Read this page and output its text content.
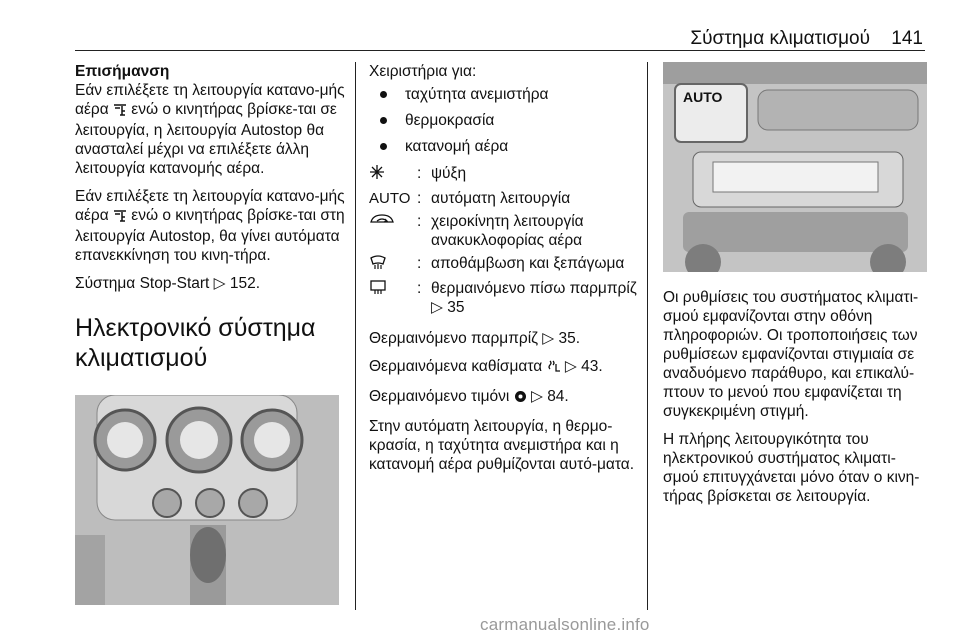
Σύστημα κλιματισμού 141
Επισήμανση

Εάν επιλέξετε τη λειτουργία κατανο-μής αέρα ενώ ο κινητήρας βρίσκε-ται σε λειτουργία, η λειτουργία Autostop θα ανασταλεί μέχρι να επιλέξετε άλλη λειτουργία κατανομής αέρα.

Εάν επιλέξετε τη λειτουργία κατανο-μής αέρα ενώ ο κινητήρας βρίσκε-ται στη λειτουργία Autostop, θα γίνει αυτόματα επανεκκίνηση του κινη-τήρα.

Σύστημα Stop-Start ▷ 152.

Ηλεκτρονικό σύστημα κλιματισμού

Χειριστήρια για:

ταχύτητα ανεμιστήρα
θερμοκρασία
κατανομή αέρα
: ψύξη
AUTO : αυτόματη λειτουργία
: χειροκίνητη λειτουργία ανακυκλοφορίας αέρα
: αποθάμβωση και ξεπάγωμα
: θερμαινόμενο πίσω παρμπρίζ ▷ 35

Θερμαινόμενο παρμπρίζ ▷ 35.

Θερμαινόμενα καθίσματα ▷ 43.

Θερμαινόμενο τιμόνι ▷ 84.

Στην αυτόματη λειτουργία, η θερμο-κρασία, η ταχύτητα ανεμιστήρα και η κατανομή αέρα ρυθμίζονται αυτό-ματα.

AUTO

Οι ρυθμίσεις του συστήματος κλιματι-σμού εμφανίζονται στην οθόνη πληροφοριών. Οι τροποποιήσεις των ρυθμίσεων εμφανίζονται στιγμιαία σε αναδυόμενο παράθυρο, και επικαλύ-πτουν το μενού που εμφανίζεται τη συγκεκριμένη στιγμή.

Η πλήρης λειτουργικότητα του ηλεκτρονικού συστήματος κλιματι-σμού επιτυγχάνεται μόνο όταν ο κινη-τήρας βρίσκεται σε λειτουργία.

carmanualsonline.info
